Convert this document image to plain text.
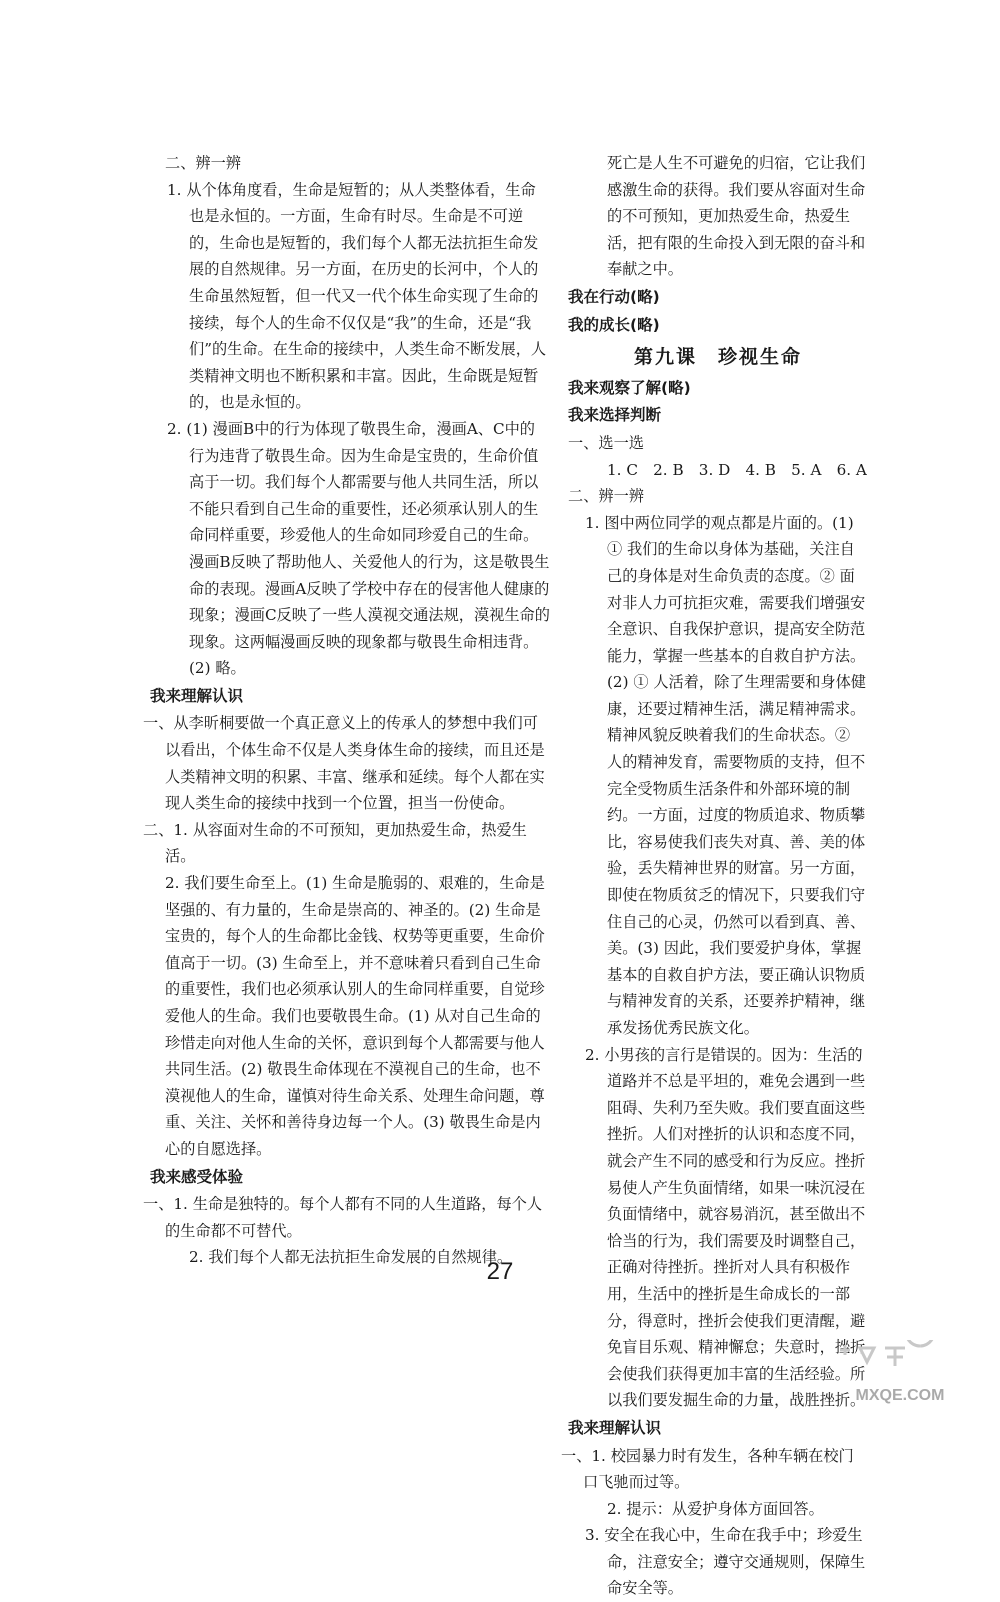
二、辨一辨

1. 从个体角度看，生命是短暂的；从人类整体看，生命也是永恒的。一方面，生命有时尽。生命是不可逆的，生命也是短暂的，我们每个人都无法抗拒生命发展的自然规律。另一方面，在历史的长河中，个人的生命虽然短暂，但一代又一代个体生命实现了生命的接续，每个人的生命不仅仅是“我”的生命，还是“我们”的生命。在生命的接续中，人类生命不断发展，人类精神文明也不断积累和丰富。因此，生命既是短暂的，也是永恒的。

2. (1) 漫画B中的行为体现了敬畏生命，漫画A、C中的行为违背了敬畏生命。因为生命是宝贵的，生命价值高于一切。我们每个人都需要与他人共同生活，所以不能只看到自己生命的重要性，还必须承认别人的生命同样重要，珍爱他人的生命如同珍爱自己的生命。漫画B反映了帮助他人、关爱他人的行为，这是敬畏生命的表现。漫画A反映了学校中存在的侵害他人健康的现象；漫画C反映了一些人漠视交通法规，漠视生命的现象。这两幅漫画反映的现象都与敬畏生命相违背。

(2) 略。

我来理解认识

一、从李昕桐要做一个真正意义上的传承人的梦想中我们可以看出，个体生命不仅是人类身体生命的接续，而且还是人类精神文明的积累、丰富、继承和延续。每个人都在实现人类生命的接续中找到一个位置，担当一份使命。

二、1. 从容面对生命的不可预知，更加热爱生命，热爱生活。

2. 我们要生命至上。(1) 生命是脆弱的、艰难的，生命是坚强的、有力量的，生命是崇高的、神圣的。(2) 生命是宝贵的，每个人的生命都比金钱、权势等更重要，生命价值高于一切。(3) 生命至上，并不意味着只看到自己生命的重要性，我们也必须承认别人的生命同样重要，自觉珍爱他人的生命。我们也要敬畏生命。(1) 从对自己生命的珍惜走向对他人生命的关怀，意识到每个人都需要与他人共同生活。(2) 敬畏生命体现在不漠视自己的生命，也不漠视他人的生命，谨慎对待生命关系、处理生命问题，尊重、关注、关怀和善待身边每一个人。(3) 敬畏生命是内心的自愿选择。

我来感受体验

一、1. 生命是独特的。每个人都有不同的人生道路，每个人的生命都不可替代。

2. 我们每个人都无法抗拒生命发展的自然规律。

死亡是人生不可避免的归宿，它让我们感激生命的获得。我们要从容面对生命的不可预知，更加热爱生命，热爱生活，把有限的生命投入到无限的奋斗和奉献之中。

我在行动(略)

我的成长(略)

第九课　珍视生命

我来观察了解(略)

我来选择判断

一、选一选

1. C　2. B　3. D　4. B　5. A　6. A

二、辨一辨

1. 图中两位同学的观点都是片面的。(1) ① 我们的生命以身体为基础，关注自己的身体是对生命负责的态度。② 面对非人力可抗拒灾难，需要我们增强安全意识、自我保护意识，提高安全防范能力，掌握一些基本的自救自护方法。(2) ① 人活着，除了生理需要和身体健康，还要过精神生活，满足精神需求。精神风貌反映着我们的生命状态。② 人的精神发育，需要物质的支持，但不完全受物质生活条件和外部环境的制约。一方面，过度的物质追求、物质攀比，容易使我们丧失对真、善、美的体验，丢失精神世界的财富。另一方面，即使在物质贫乏的情况下，只要我们守住自己的心灵，仍然可以看到真、善、美。(3) 因此，我们要爱护身体，掌握基本的自救自护方法，要正确认识物质与精神发育的关系，还要养护精神，继承发扬优秀民族文化。

2. 小男孩的言行是错误的。因为：生活的道路并不总是平坦的，难免会遇到一些阻碍、失利乃至失败。我们要直面这些挫折。人们对挫折的认识和态度不同，就会产生不同的感受和行为反应。挫折易使人产生负面情绪，如果一味沉浸在负面情绪中，就容易消沉，甚至做出不恰当的行为，我们需要及时调整自己，正确对待挫折。挫折对人具有积极作用，生活中的挫折是生命成长的一部分，得意时，挫折会使我们更清醒，避免盲目乐观、精神懈怠；失意时，挫折会使我们获得更加丰富的生活经验。所以我们要发掘生命的力量，战胜挫折。

我来理解认识

一、1. 校园暴力时有发生，各种车辆在校门口飞驰而过等。

2. 提示：从爱护身体方面回答。

3. 安全在我心中，生命在我手中；珍爱生命，注意安全；遵守交通规则，保障生命安全等。

27
MXQE.COM
